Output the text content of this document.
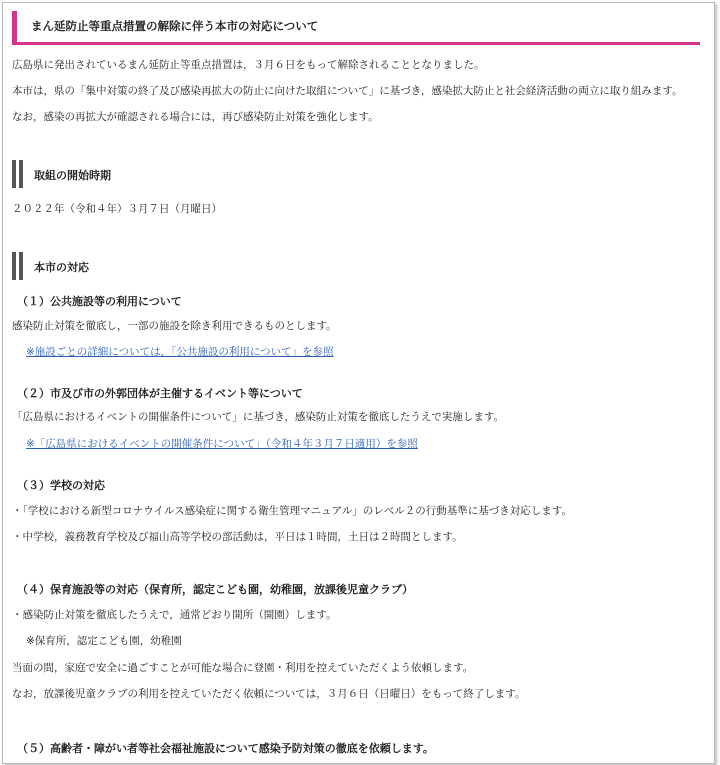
まん延防止等重点措置の解除に伴う本市の対応について
広島県に発出されているまん延防止等重点措置は，３月６日をもって解除されることとなりました。
本市は，県の「集中対策の終了及び感染再拡大の防止に向けた取組について」に基づき，感染拡大防止と社会経済活動の両立に取り組みます。
なお，感染の再拡大が確認される場合には，再び感染防止対策を強化します。
取組の開始時期
２０２２年（令和４年）３月７日（月曜日）
本市の対応
（１）公共施設等の利用について
感染防止対策を徹底し，一部の施設を除き利用できるものとします。
※施設ごとの詳細については，「公共施設の利用について」を参照
（２）市及び市の外郭団体が主催するイベント等について
「広島県におけるイベントの開催条件について」に基づき，感染防止対策を徹底したうえで実施します。
※「広島県におけるイベントの開催条件について」（令和４年３月７日適用）を参照
（３）学校の対応
・「学校における新型コロナウイルス感染症に関する衛生管理マニュアル」のレベル２の行動基準に基づき対応します。
・中学校，義務教育学校及び福山高等学校の部活動は，平日は１時間，土日は２時間とします。
（４）保育施設等の対応（保育所，認定こども園，幼稚園，放課後児童クラブ）
・感染防止対策を徹底したうえで，通常どおり開所（開園）します。
※保育所，認定こども園，幼稚園
当面の間，家庭で安全に過ごすことが可能な場合に登園・利用を控えていただくよう依頼します。
なお，放課後児童クラブの利用を控えていただく依頼については，３月６日（日曜日）をもって終了します。
（５）高齢者・障がい者等社会福祉施設について感染予防対策の徹底を依頼します。
